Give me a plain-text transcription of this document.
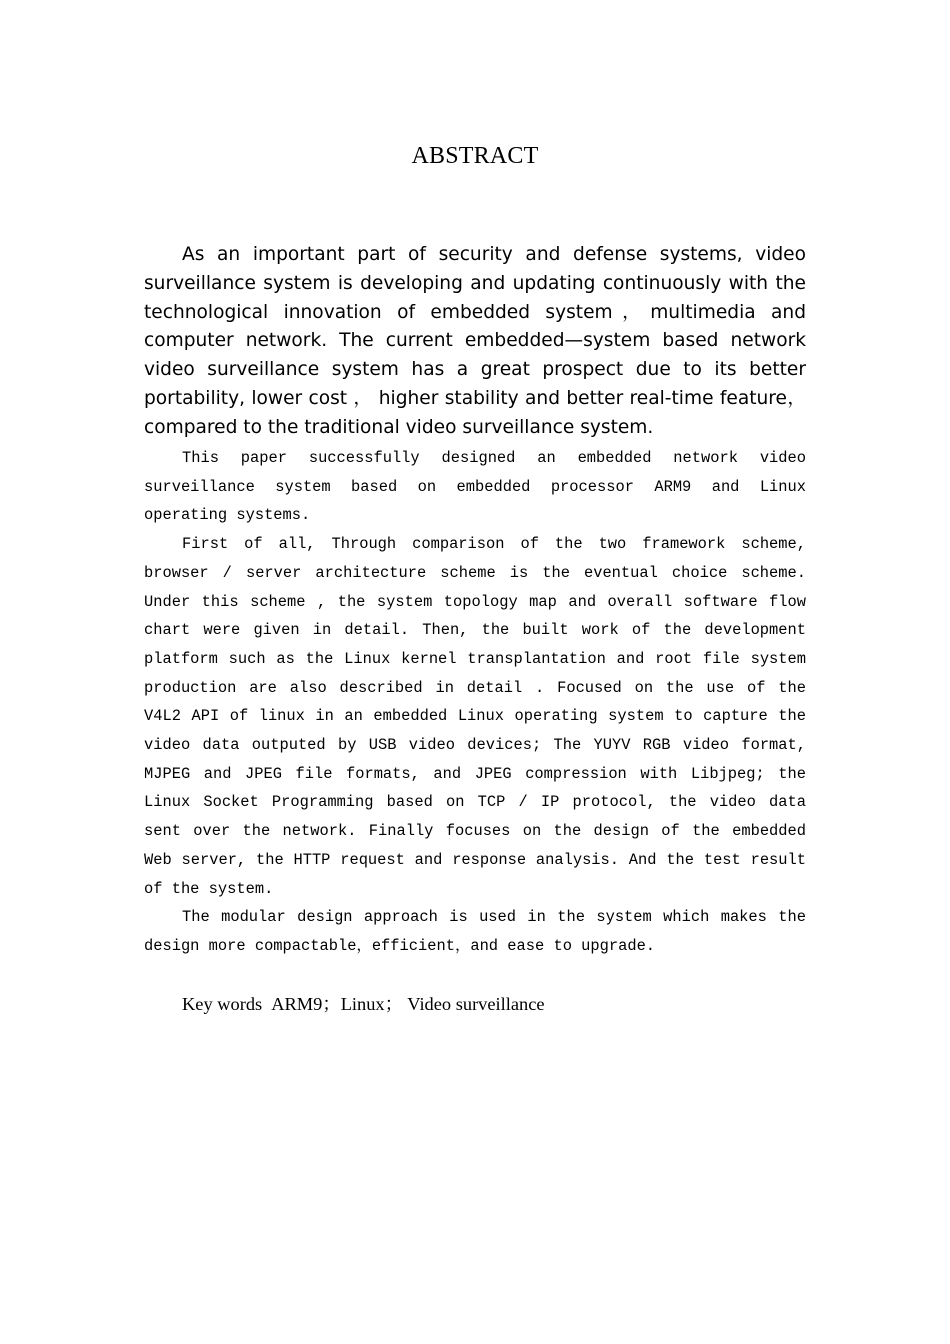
ABSTRACT

As an important part of security and defense systems, video surveillance system is developing and updating continuously with the technological innovation of embedded system，multimedia and computer network. The current embedded—system based network video surveillance system has a great prospect due to its better portability, lower cost ， higher stability and better real-time feature，compared to the traditional video surveillance system.

This paper successfully designed an embedded network video surveillance system based on embedded processor ARM9 and Linux operating systems.

First of all, Through comparison of the two framework scheme, browser / server architecture scheme is the eventual choice scheme. Under this scheme , the system topology map and overall software flow chart were given in detail. Then, the built work of the development platform such as the Linux kernel transplantation and root file system production are also described in detail . Focused on the use of the V4L2 API of linux in an embedded Linux operating system to capture the video data outputed by USB video devices; The YUYV RGB video format, MJPEG and JPEG file formats, and JPEG compression with Libjpeg; the Linux Socket Programming based on TCP / IP protocol, the video data sent over the network. Finally focuses on the design of the embedded Web server, the HTTP request and response analysis. And the test result of the system.

The modular design approach is used in the system which makes the design more compactable，efficient，and ease to upgrade.

Key words ARM9；Linux； Video surveillance
